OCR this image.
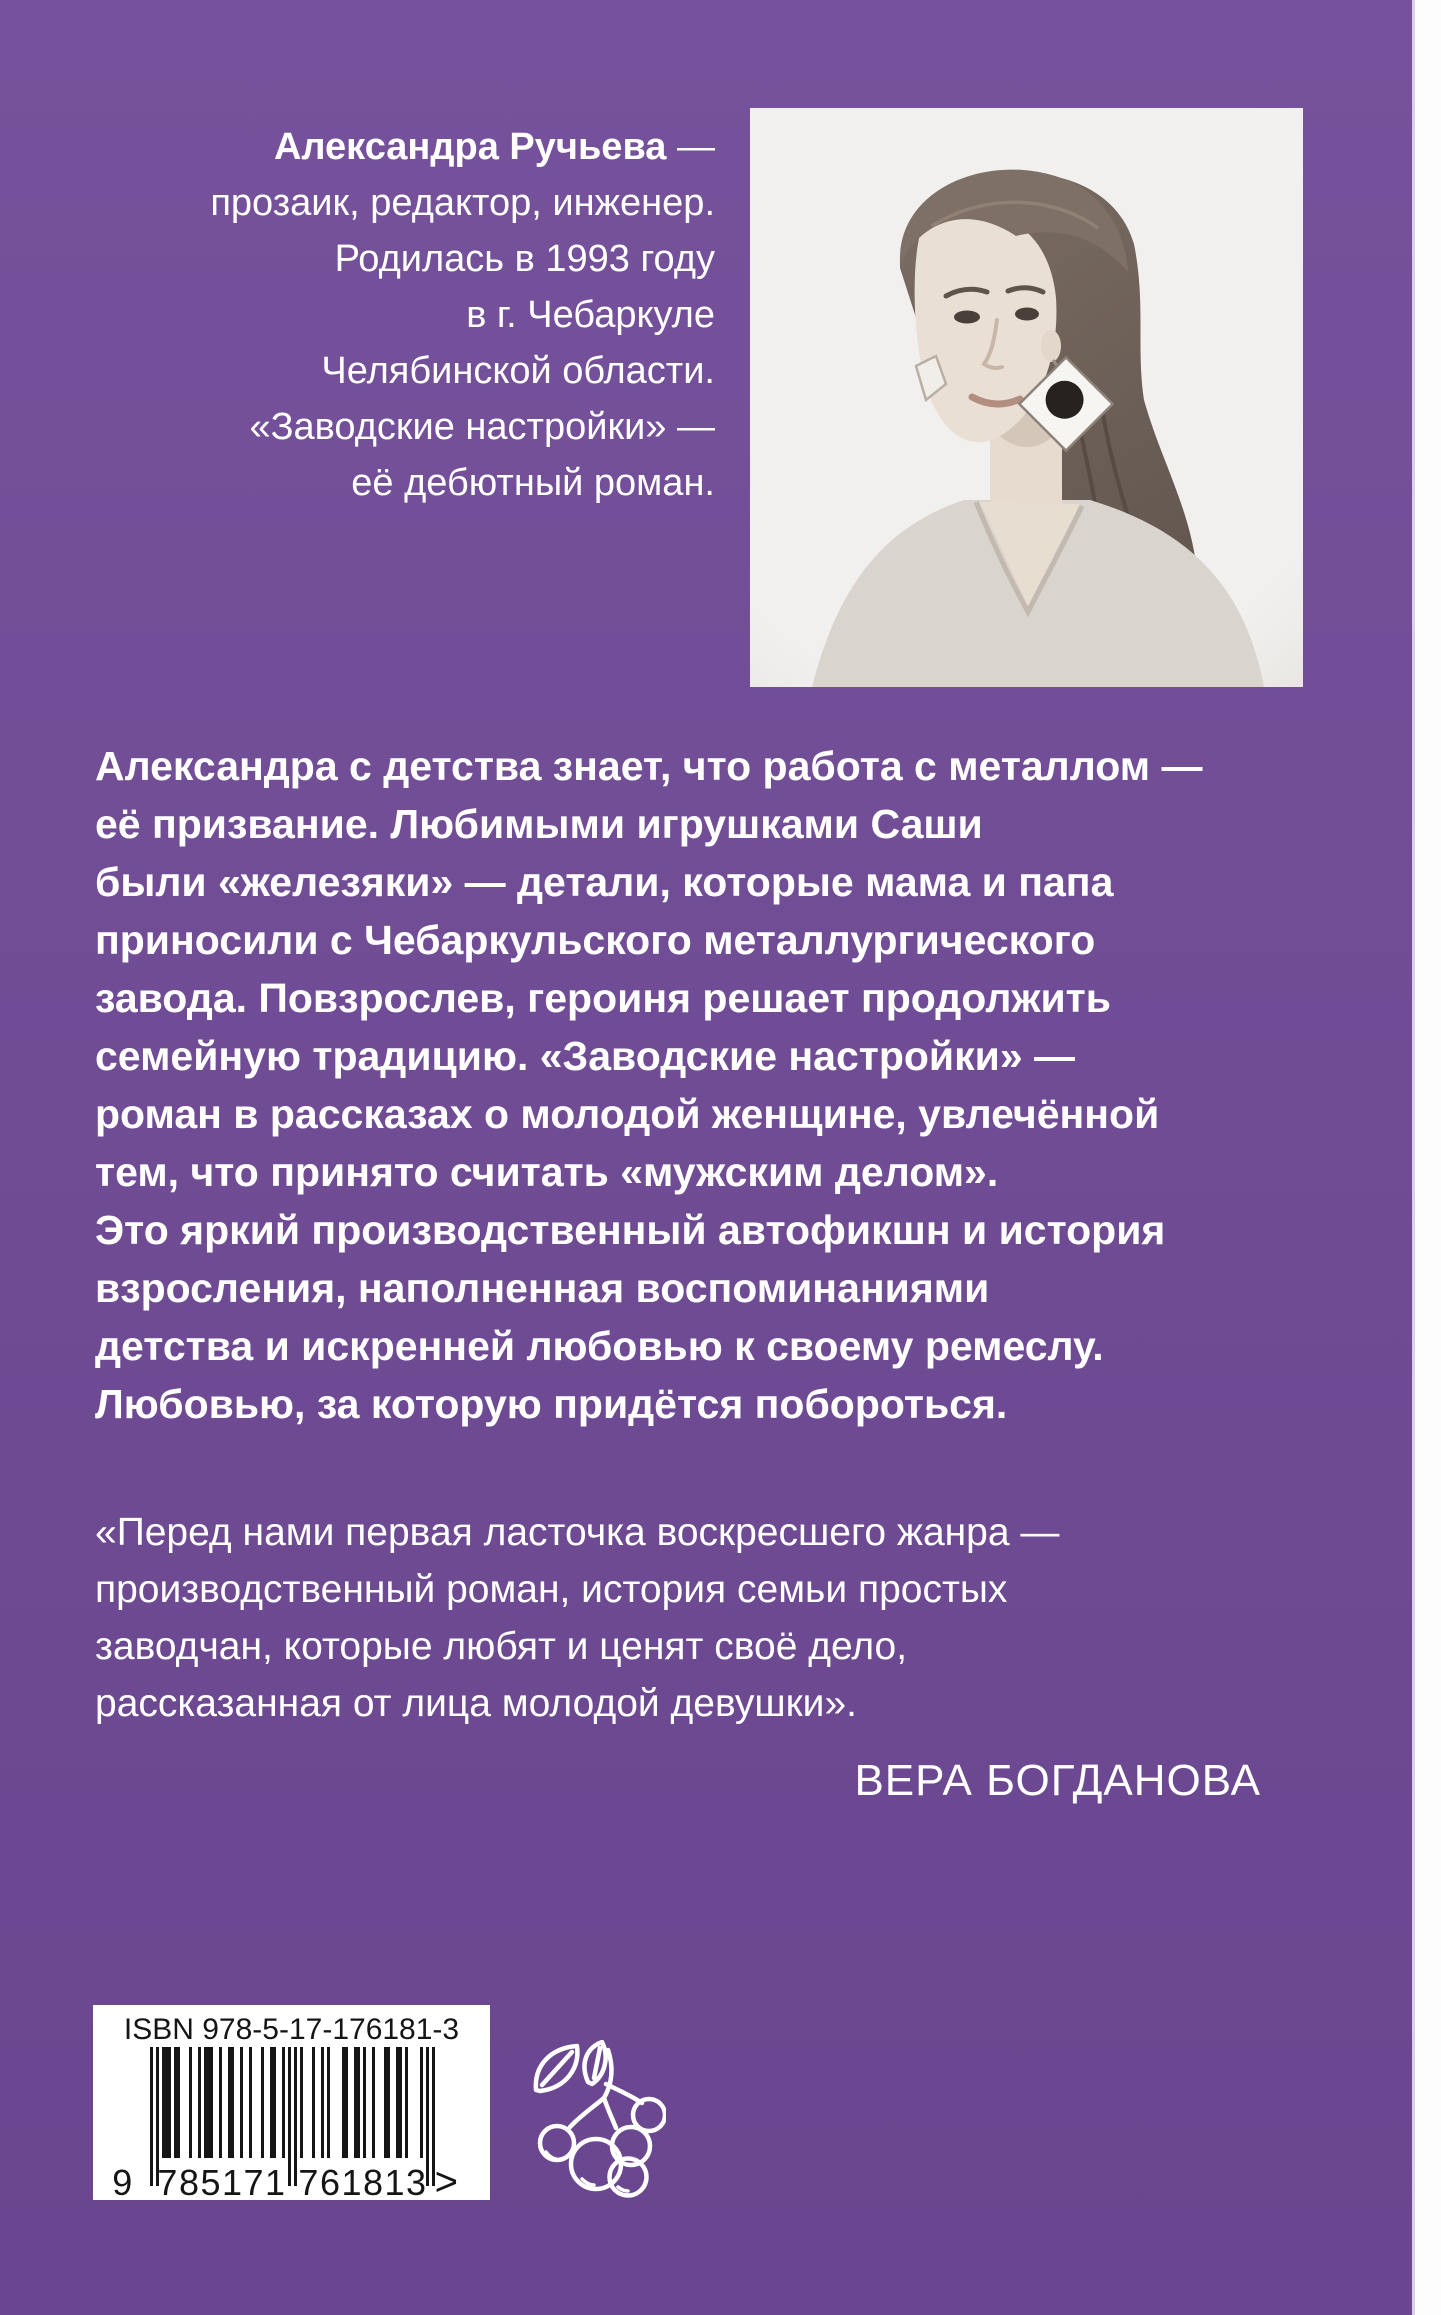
Александра Ручьева —
прозаик, редактор, инженер.
Родилась в 1993 году
в г. Чебаркуле
Челябинской области.
«Заводские настройки» —
её дебютный роман.
Александра с детства знает, что работа с металлом —
её призвание. Любимыми игрушками Саши
были «железяки» — детали, которые мама и папа
приносили с Чебаркульского металлургического
завода. Повзрослев, героиня решает продолжить
семейную традицию. «Заводские настройки» —
роман в рассказах о молодой женщине, увлечённой
тем, что принято считать «мужским делом».
Это яркий производственный автофикшн и история
взросления, наполненная воспоминаниями
детства и искренней любовью к своему ремеслу.
Любовью, за которую придётся побороться.
«Перед нами первая ласточка воскресшего жанра —
производственный роман, история семьи простых
заводчан, которые любят и ценят своё дело,
рассказанная от лица молодой девушки».
ВЕРА БОГДАНОВА
ISBN 978-5-17-176181-3
9 785171 761813 >
